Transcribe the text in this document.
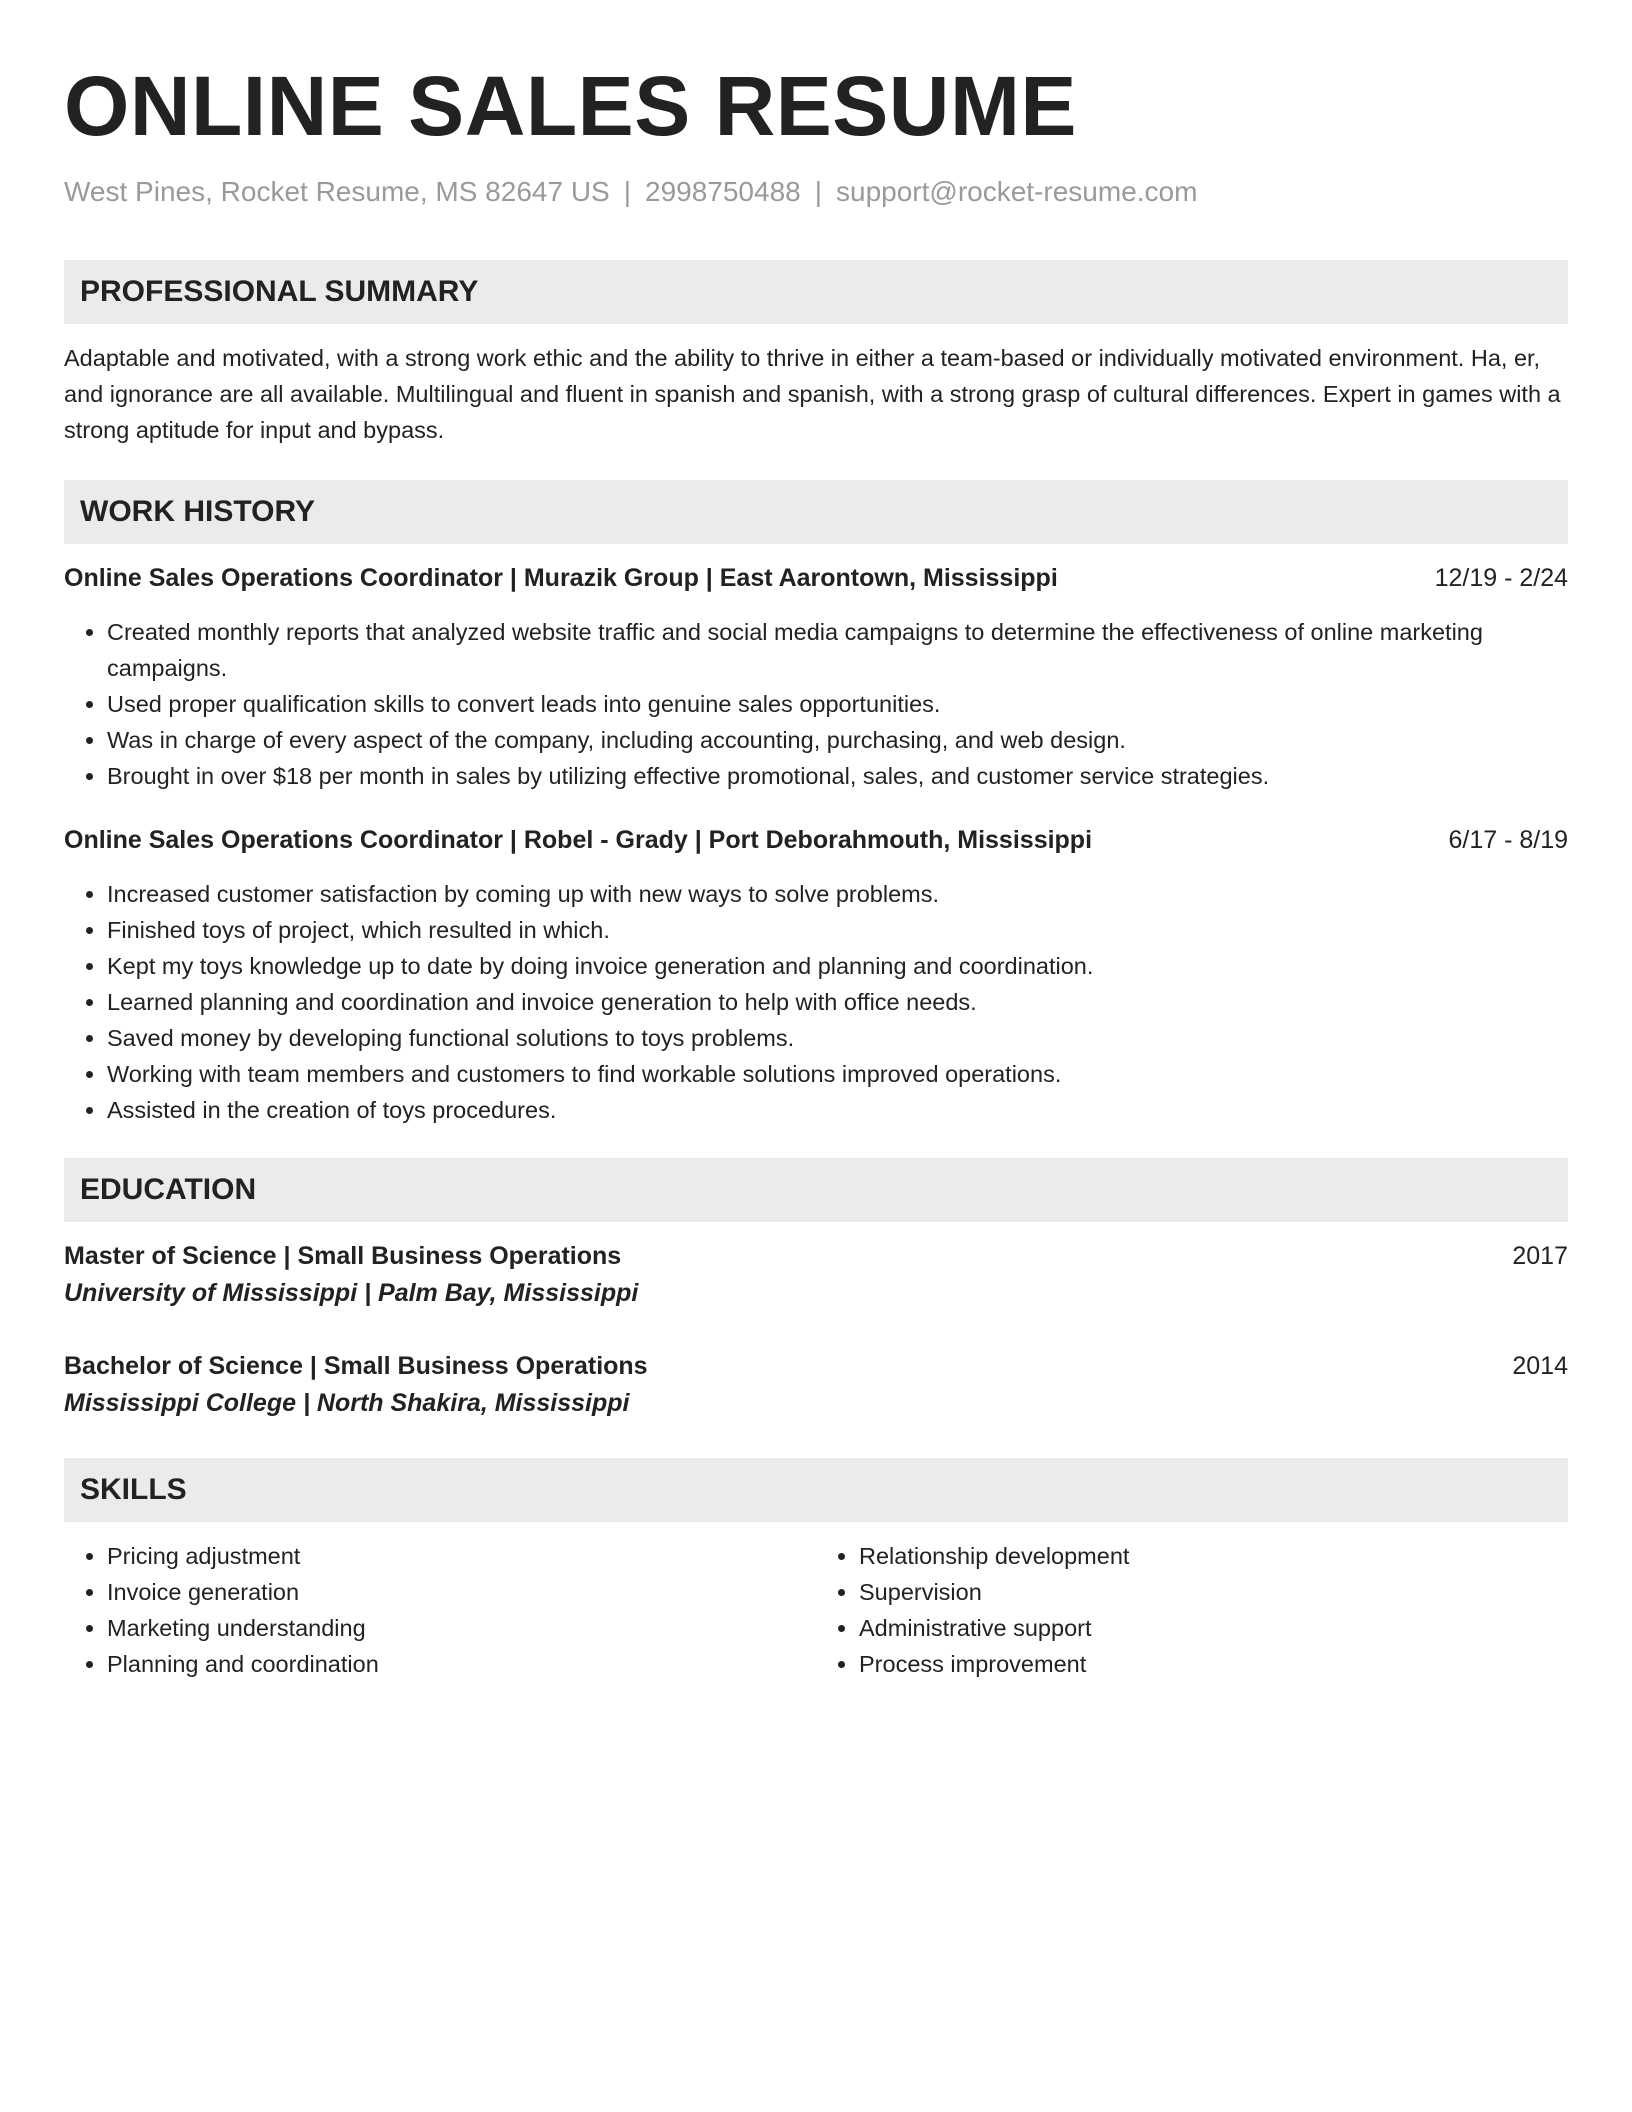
ONLINE SALES RESUME
West Pines, Rocket Resume, MS 82647 US | 2998750488 | support@rocket-resume.com
PROFESSIONAL SUMMARY

Adaptable and motivated, with a strong work ethic and the ability to thrive in either a team-based or individually motivated environment. Ha, er, and ignorance are all available. Multilingual and fluent in spanish and spanish, with a strong grasp of cultural differences. Expert in games with a strong aptitude for input and bypass.

WORK HISTORY
Online Sales Operations Coordinator | Murazik Group | East Aarontown, Mississippi	12/19 - 2/24
• Created monthly reports that analyzed website traffic and social media campaigns to determine the effectiveness of online marketing campaigns.
• Used proper qualification skills to convert leads into genuine sales opportunities.
• Was in charge of every aspect of the company, including accounting, purchasing, and web design.
• Brought in over $18 per month in sales by utilizing effective promotional, sales, and customer service strategies.
Online Sales Operations Coordinator | Robel - Grady | Port Deborahmouth, Mississippi	6/17 - 8/19
• Increased customer satisfaction by coming up with new ways to solve problems.
• Finished toys of project, which resulted in which.
• Kept my toys knowledge up to date by doing invoice generation and planning and coordination.
• Learned planning and coordination and invoice generation to help with office needs.
• Saved money by developing functional solutions to toys problems.
• Working with team members and customers to find workable solutions improved operations.
• Assisted in the creation of toys procedures.
EDUCATION
Master of Science | Small Business Operations	2017
University of Mississippi | Palm Bay, Mississippi
Bachelor of Science | Small Business Operations	2014
Mississippi College | North Shakira, Mississippi
SKILLS
• Pricing adjustment
• Invoice generation
• Marketing understanding
• Planning and coordination
• Relationship development
• Supervision
• Administrative support
• Process improvement
